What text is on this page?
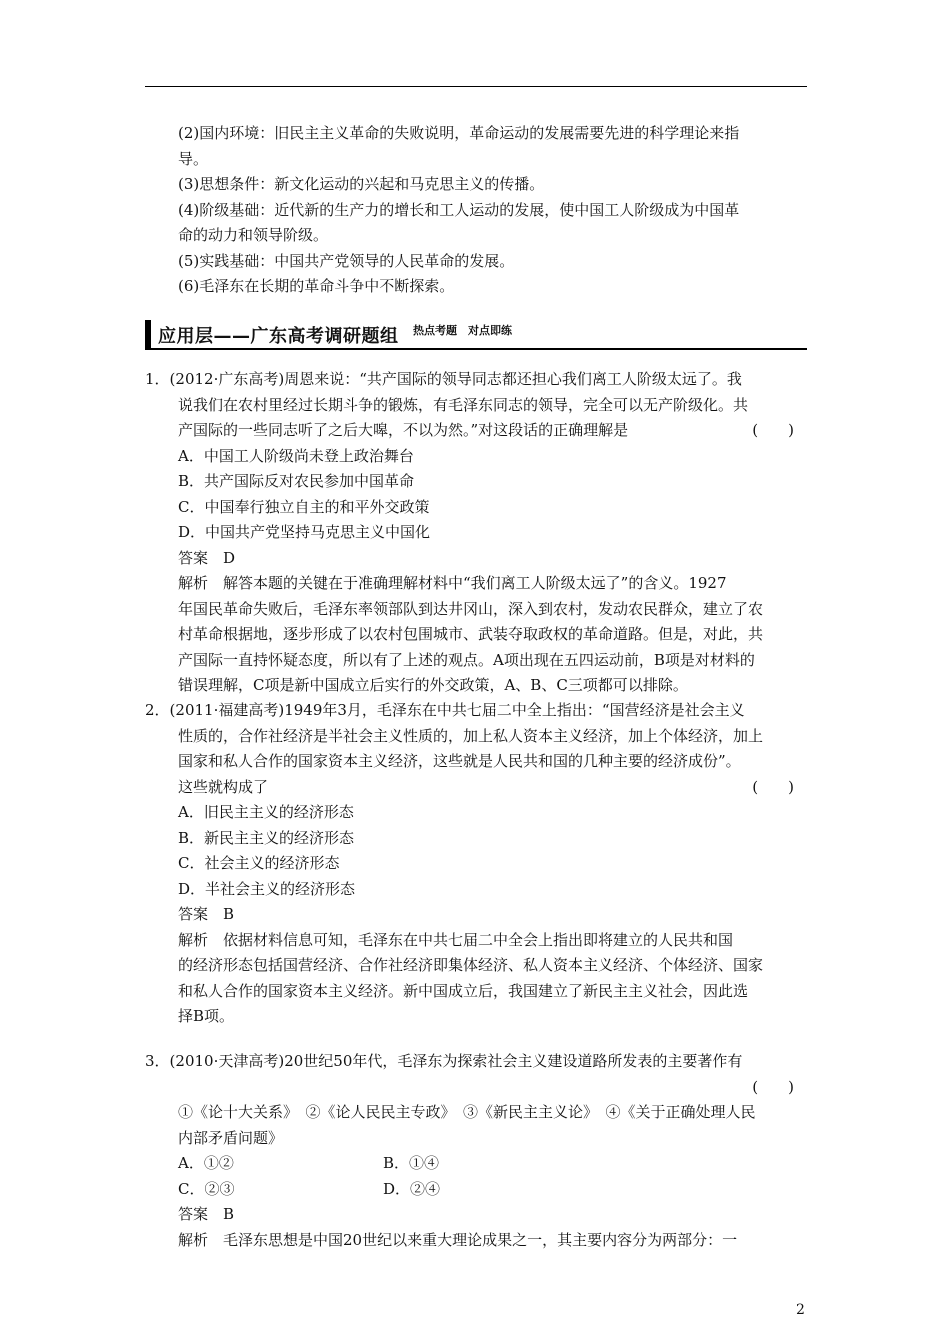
(2)国内环境：旧民主主义革命的失败说明，革命运动的发展需要先进的科学理论来指
导。
(3)思想条件：新文化运动的兴起和马克思主义的传播。
(4)阶级基础：近代新的生产力的增长和工人运动的发展，使中国工人阶级成为中国革
命的动力和领导阶级。
(5)实践基础：中国共产党领导的人民革命的发展。
(6)毛泽东在长期的革命斗争中不断探索。
应用层——广东高考调研题组 热点考题　对点即练
1．(2012·广东高考)周恩来说：“共产国际的领导同志都还担心我们离工人阶级太远了。我
说我们在农村里经过长期斗争的锻炼，有毛泽东同志的领导，完全可以无产阶级化。共
产国际的一些同志听了之后大嗥，不以为然。”对这段话的正确理解是	(　　)
A．中国工人阶级尚未登上政治舞台
B．共产国际反对农民参加中国革命
C．中国奉行独立自主的和平外交政策
D．中国共产党坚持马克思主义中国化
答案　D
解析　解答本题的关键在于准确理解材料中“我们离工人阶级太远了”的含义。1927
年国民革命失败后，毛泽东率领部队到达井冈山，深入到农村，发动农民群众，建立了农
村革命根据地，逐步形成了以农村包围城市、武装夺取政权的革命道路。但是，对此，共
产国际一直持怀疑态度，所以有了上述的观点。A项出现在五四运动前，B项是对材料的
错误理解，C项是新中国成立后实行的外交政策，A、B、C三项都可以排除。
2．(2011·福建高考)1949年3月，毛泽东在中共七届二中全上指出：“国营经济是社会主义
性质的，合作社经济是半社会主义性质的，加上私人资本主义经济，加上个体经济，加上
国家和私人合作的国家资本主义经济，这些就是人民共和国的几种主要的经济成份”。
这些就构成了	(　　)
A．旧民主主义的经济形态
B．新民主主义的经济形态
C．社会主义的经济形态
D．半社会主义的经济形态
答案　B
解析　依据材料信息可知，毛泽东在中共七届二中全会上指出即将建立的人民共和国
的经济形态包括国营经济、合作社经济即集体经济、私人资本主义经济、个体经济、国家
和私人合作的国家资本主义经济。新中国成立后，我国建立了新民主主义社会，因此选
择B项。
3．(2010·天津高考)20世纪50年代，毛泽东为探索社会主义建设道路所发表的主要著作有
(　　)

①《论十大关系》　②《论人民民主专政》　③《新民主主义论》　④《关于正确处理人民
内部矛盾问题》
A．①②	B．①④
C．②③	D．②④
答案　B
解析　毛泽东思想是中国20世纪以来重大理论成果之一，其主要内容分为两部分：一
2
